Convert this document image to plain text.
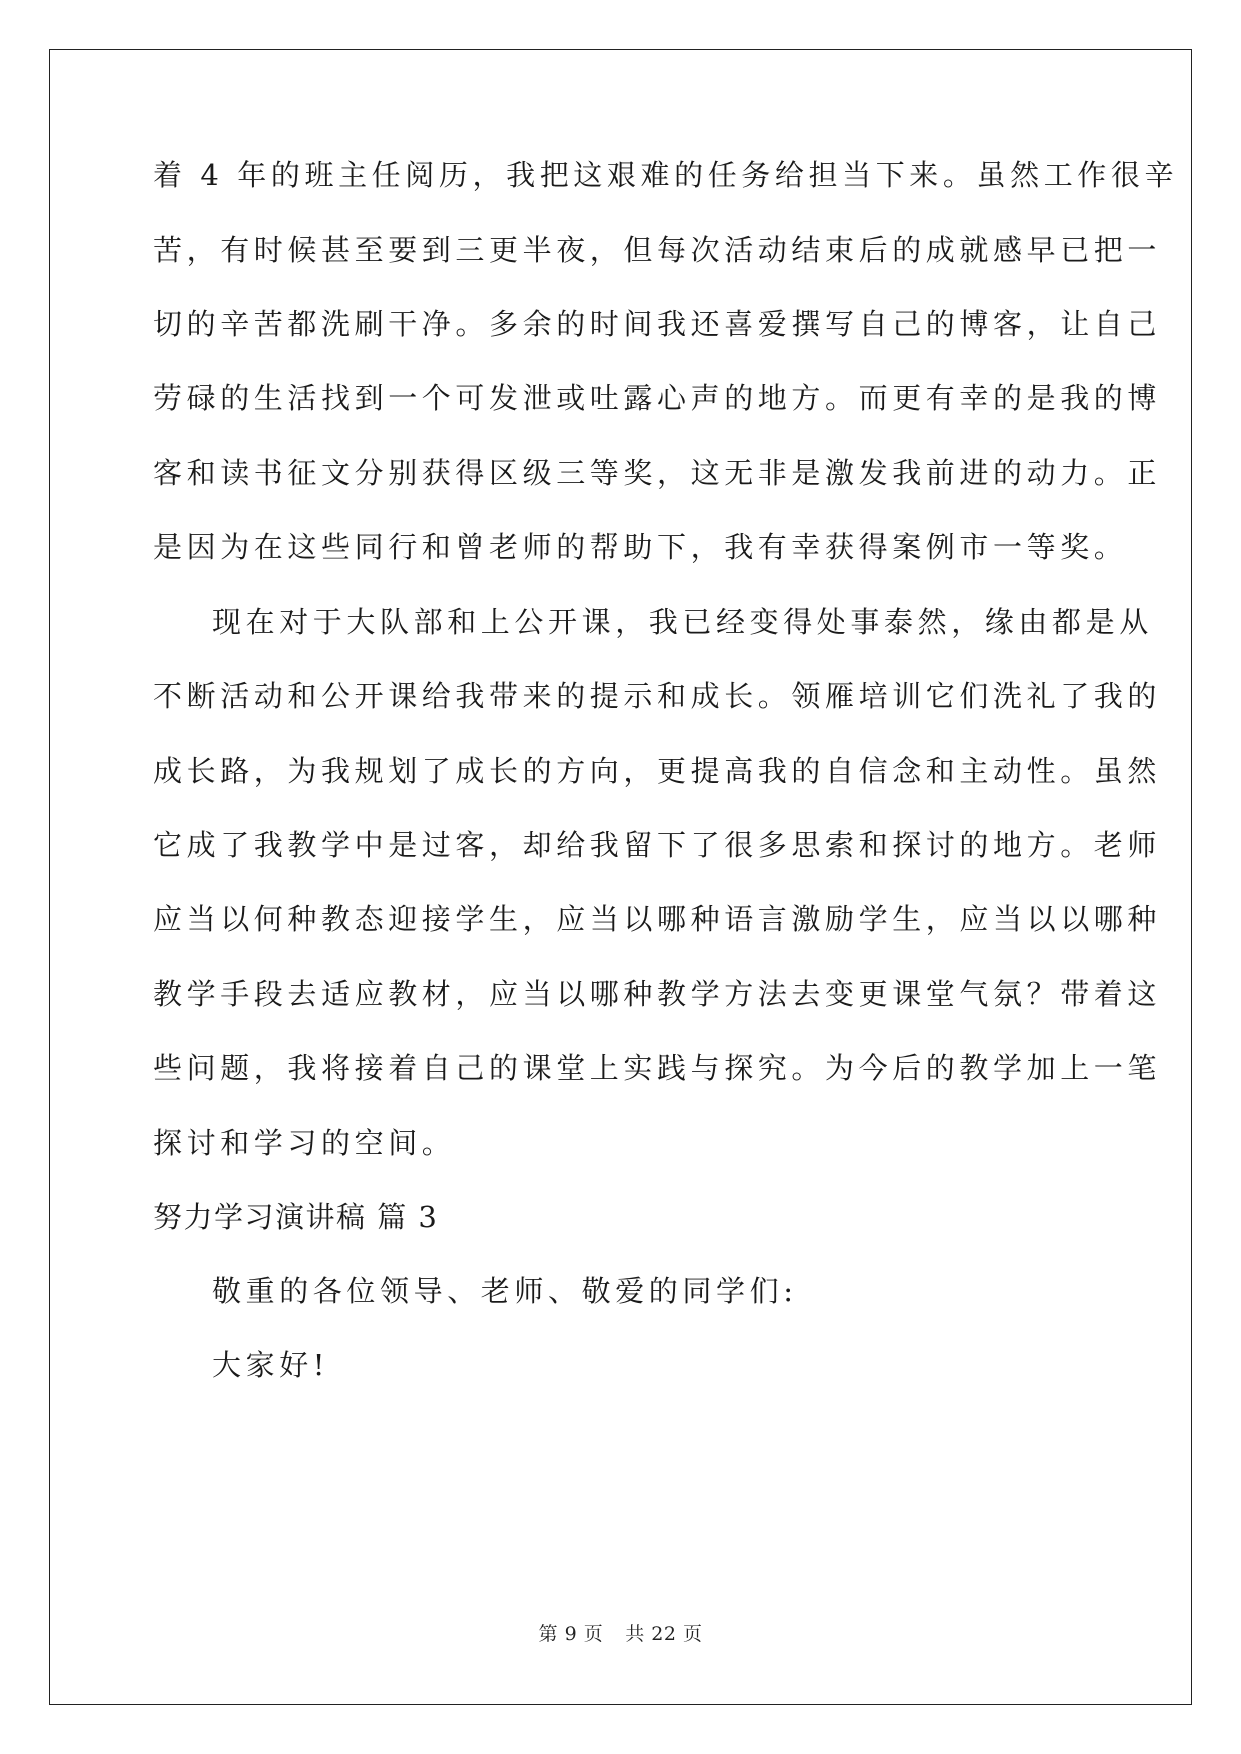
着 4 年的班主任阅历，我把这艰难的任务给担当下来。虽然工作很辛
苦，有时候甚至要到三更半夜，但每次活动结束后的成就感早已把一
切的辛苦都洗刷干净。多余的时间我还喜爱撰写自己的博客，让自己
劳碌的生活找到一个可发泄或吐露心声的地方。而更有幸的是我的博
客和读书征文分别获得区级三等奖，这无非是激发我前进的动力。正
是因为在这些同行和曾老师的帮助下，我有幸获得案例市一等奖。
现在对于大队部和上公开课，我已经变得处事泰然，缘由都是从
不断活动和公开课给我带来的提示和成长。领雁培训它们洗礼了我的
成长路，为我规划了成长的方向，更提高我的自信念和主动性。虽然
它成了我教学中是过客，却给我留下了很多思索和探讨的地方。老师
应当以何种教态迎接学生，应当以哪种语言激励学生，应当以以哪种
教学手段去适应教材，应当以哪种教学方法去变更课堂气氛？带着这
些问题，我将接着自己的课堂上实践与探究。为今后的教学加上一笔
探讨和学习的空间。
努力学习演讲稿 篇 3
敬重的各位领导、老师、敬爱的同学们:
大家好!
第 9 页 共 22 页
